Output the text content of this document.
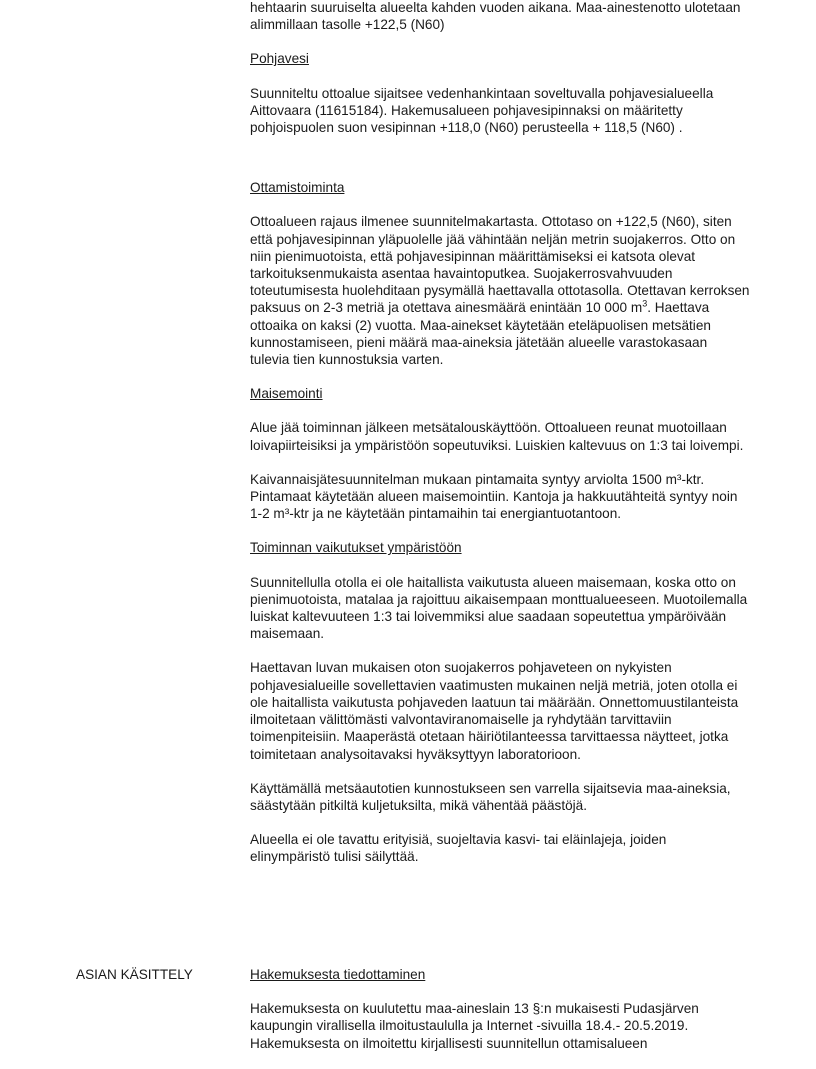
hehtaarin suuruiselta alueelta kahden vuoden aikana. Maa-ainestenotto ulotetaan alimmillaan tasolle +122,5 (N60)

Pohjavesi

Suunniteltu ottoalue sijaitsee vedenhankintaan soveltuvalla pohjavesialueella Aittovaara (11615184). Hakemusalueen pohjavesipinnaksi on määritetty pohjoispuolen suon vesipinnan +118,0 (N60) perusteella + 118,5 (N60) .

Ottamistoiminta

Ottoalueen rajaus ilmenee suunnitelmakartasta. Ottotaso on +122,5 (N60), siten että pohjavesipinnan yläpuolelle jää vähintään neljän metrin suojakerros. Otto on niin pienimuotoista, että pohjavesipinnan määrittämiseksi ei katsota olevat tarkoituksenmukaista asentaa havaintoputkea. Suojakerrosvahvuuden toteutumisesta huolehditaan pysymällä haettavalla ottotasolla. Otettavan kerroksen paksuus on 2-3 metriä ja otettava ainesmäärä enintään 10 000 $m^3$. Haettava ottoaika on kaksi (2) vuotta. Maa-ainekset käytetään eteläpuolisen metsätien kunnostamiseen, pieni määrä maa-aineksia jätetään alueelle varastokasaan tulevia tien kunnostuksia varten.

Maisemointi

Alue jää toiminnan jälkeen metsätalouskäyttöön. Ottoalueen reunat muotoillaan loivapiirteisiksi ja ympäristöön sopeutuviksi. Luiskien kaltevuus on 1:3 tai loivempi.

Kaivannaisjätesuunnitelman mukaan pintamaita syntyy arviolta 1500 m³-ktr. Pintamaat käytetään alueen maisemointiin. Kantoja ja hakkuutähteitä syntyy noin 1-2 m³-ktr ja ne käytetään pintamaihin tai energiantuotantoon.

Toiminnan vaikutukset ympäristöön

Suunnitellulla otolla ei ole haitallista vaikutusta alueen maisemaan, koska otto on pienimuotoista, matalaa ja rajoittuu aikaisempaan monttualueeseen. Muotoilemalla luiskat kaltevuuteen 1:3 tai loivemmiksi alue saadaan sopeutettua ympäröivään maisemaan.

Haettavan luvan mukaisen oton suojakerros pohjaveteen on nykyisten pohjavesialueille sovellettavien vaatimusten mukainen neljä metriä, joten otolla ei ole haitallista vaikutusta pohjaveden laatuun tai määrään. Onnettomuustilanteista ilmoitetaan välittömästi valvontaviranomaiselle ja ryhdytään tarvittaviin toimenpiteisiin. Maaperästä otetaan häiriötilanteessa tarvittaessa näytteet, jotka toimitetaan analysoitavaksi hyväksyttyyn laboratorioon.

Käyttämällä metsäautotien kunnostukseen sen varrella sijaitsevia maa-aineksia, säästytään pitkiltä kuljetuksilta, mikä vähentää päästöjä.

Alueella ei ole tavattu erityisiä, suojeltavia kasvi- tai eläinlajeja, joiden elinympäristö tulisi säilyttää.

ASIAN KÄSITTELY	Hakemuksesta tiedottaminen

Hakemuksesta on kuulutettu maa-aineslain 13 §:n mukaisesti Pudasjärven kaupungin virallisella ilmoitustaululla ja Internet -sivuilla 18.4.- 20.5.2019. Hakemuksesta on ilmoitettu kirjallisesti suunnitellun ottamisalueen
